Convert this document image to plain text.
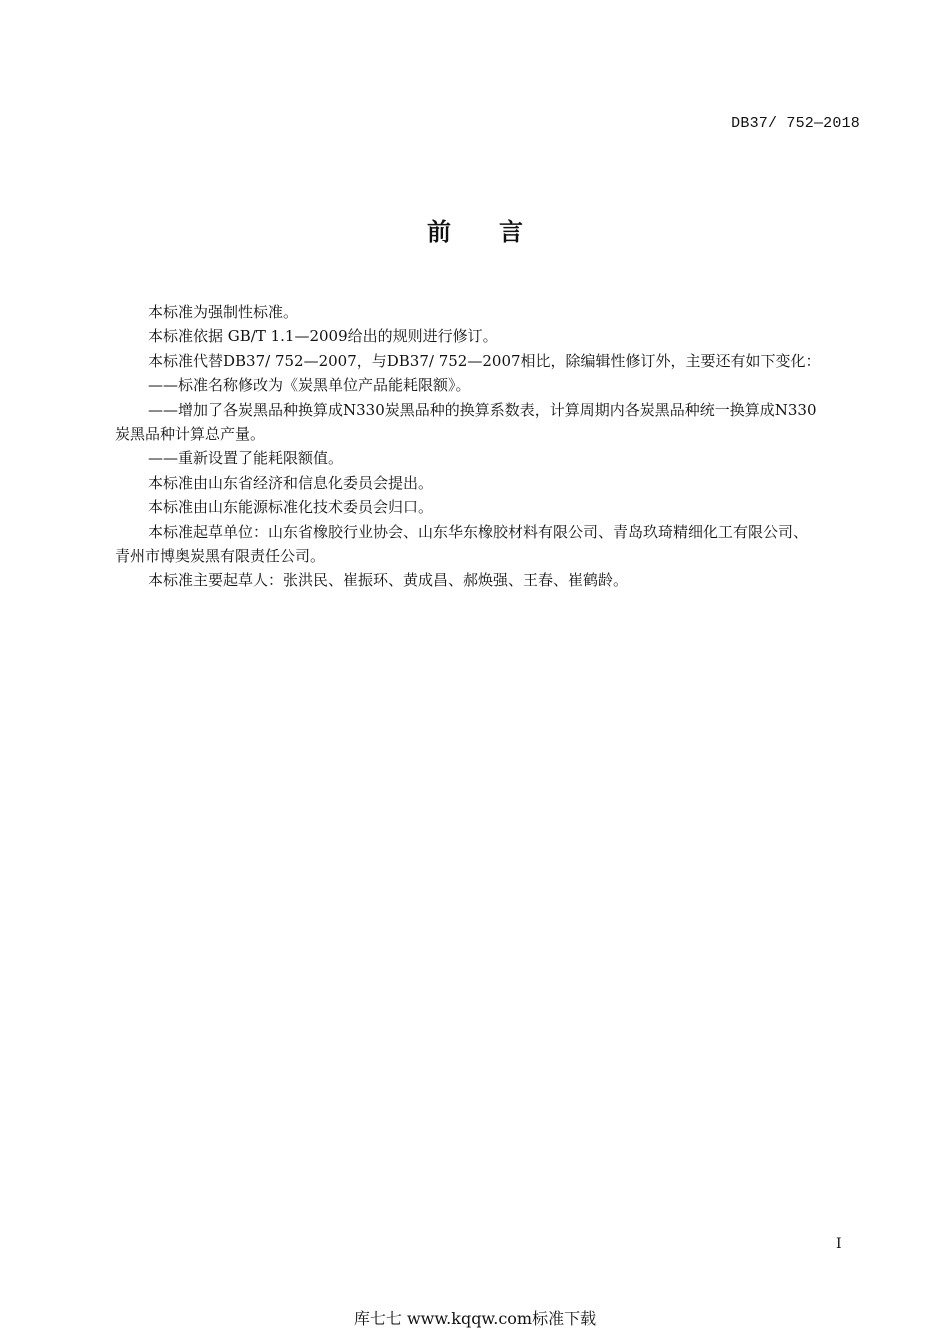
DB37/ 752—2018
前言
本标准为强制性标准。
本标准依据 GB/T 1.1—2009给出的规则进行修订。
本标准代替DB37/ 752—2007，与DB37/ 752—2007相比，除编辑性修订外，主要还有如下变化：
——标准名称修改为《炭黑单位产品能耗限额》。
——增加了各炭黑品种换算成N330炭黑品种的换算系数表，计算周期内各炭黑品种统一换算成N330
炭黑品种计算总产量。
——重新设置了能耗限额值。
本标准由山东省经济和信息化委员会提出。
本标准由山东能源标准化技术委员会归口。
本标准起草单位：山东省橡胶行业协会、山东华东橡胶材料有限公司、青岛玖琦精细化工有限公司、
青州市博奥炭黑有限责任公司。
本标准主要起草人：张洪民、崔振环、黄成昌、郝焕强、王春、崔鹤龄。
I
库七七 www.kqqw.com标准下载
